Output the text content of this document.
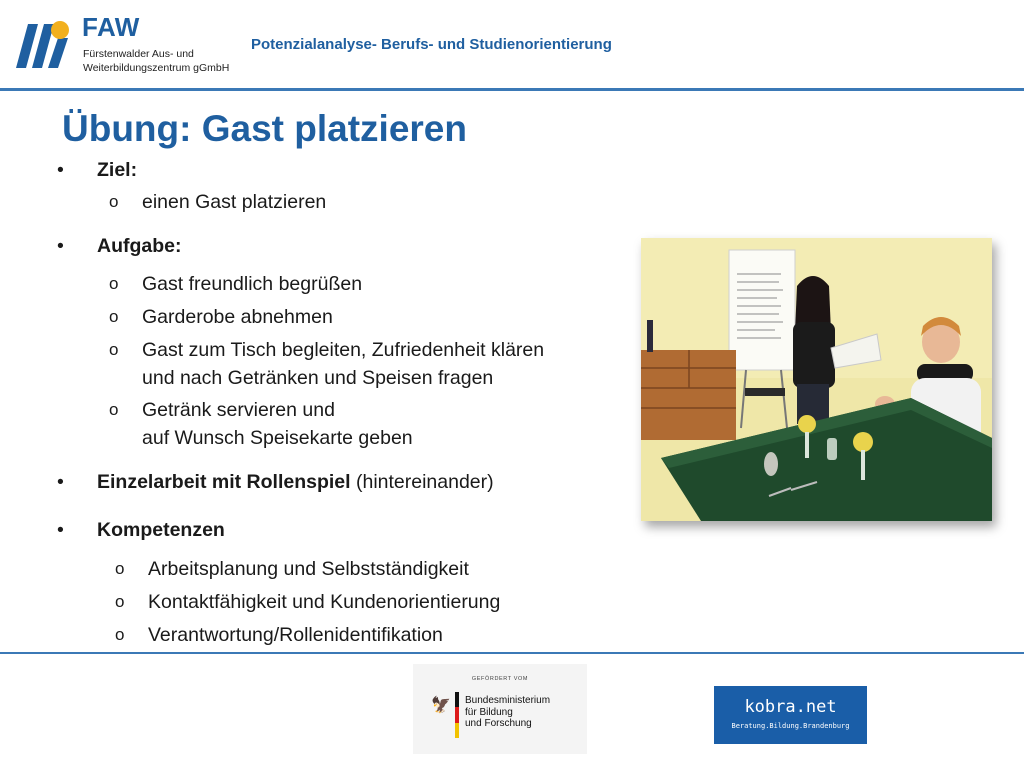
FAW
Fürstenwalder Aus- und
Weiterbildungszentrum gGmbH
Potenzialanalyse- Berufs- und Studienorientierung
Übung: Gast platzieren
• Ziel:
o einen Gast platzieren
• Aufgabe:
o Gast freundlich begrüßen
o Garderobe abnehmen
o Gast zum Tisch begleiten, Zufriedenheit klären
und nach Getränken und Speisen fragen
o Getränk servieren und
auf Wunsch Speisekarte geben
• Einzelarbeit mit Rollenspiel (hintereinander)
• Kompetenzen
o Arbeitsplanung und Selbstständigkeit
o Kontaktfähigkeit und Kundenorientierung
o Verantwortung/Rollenidentifikation
GEFÖRDERT VOM
🦅 Bundesministerium
für Bildung
und Forschung
kobra.net
Beratung.Bildung.Brandenburg
